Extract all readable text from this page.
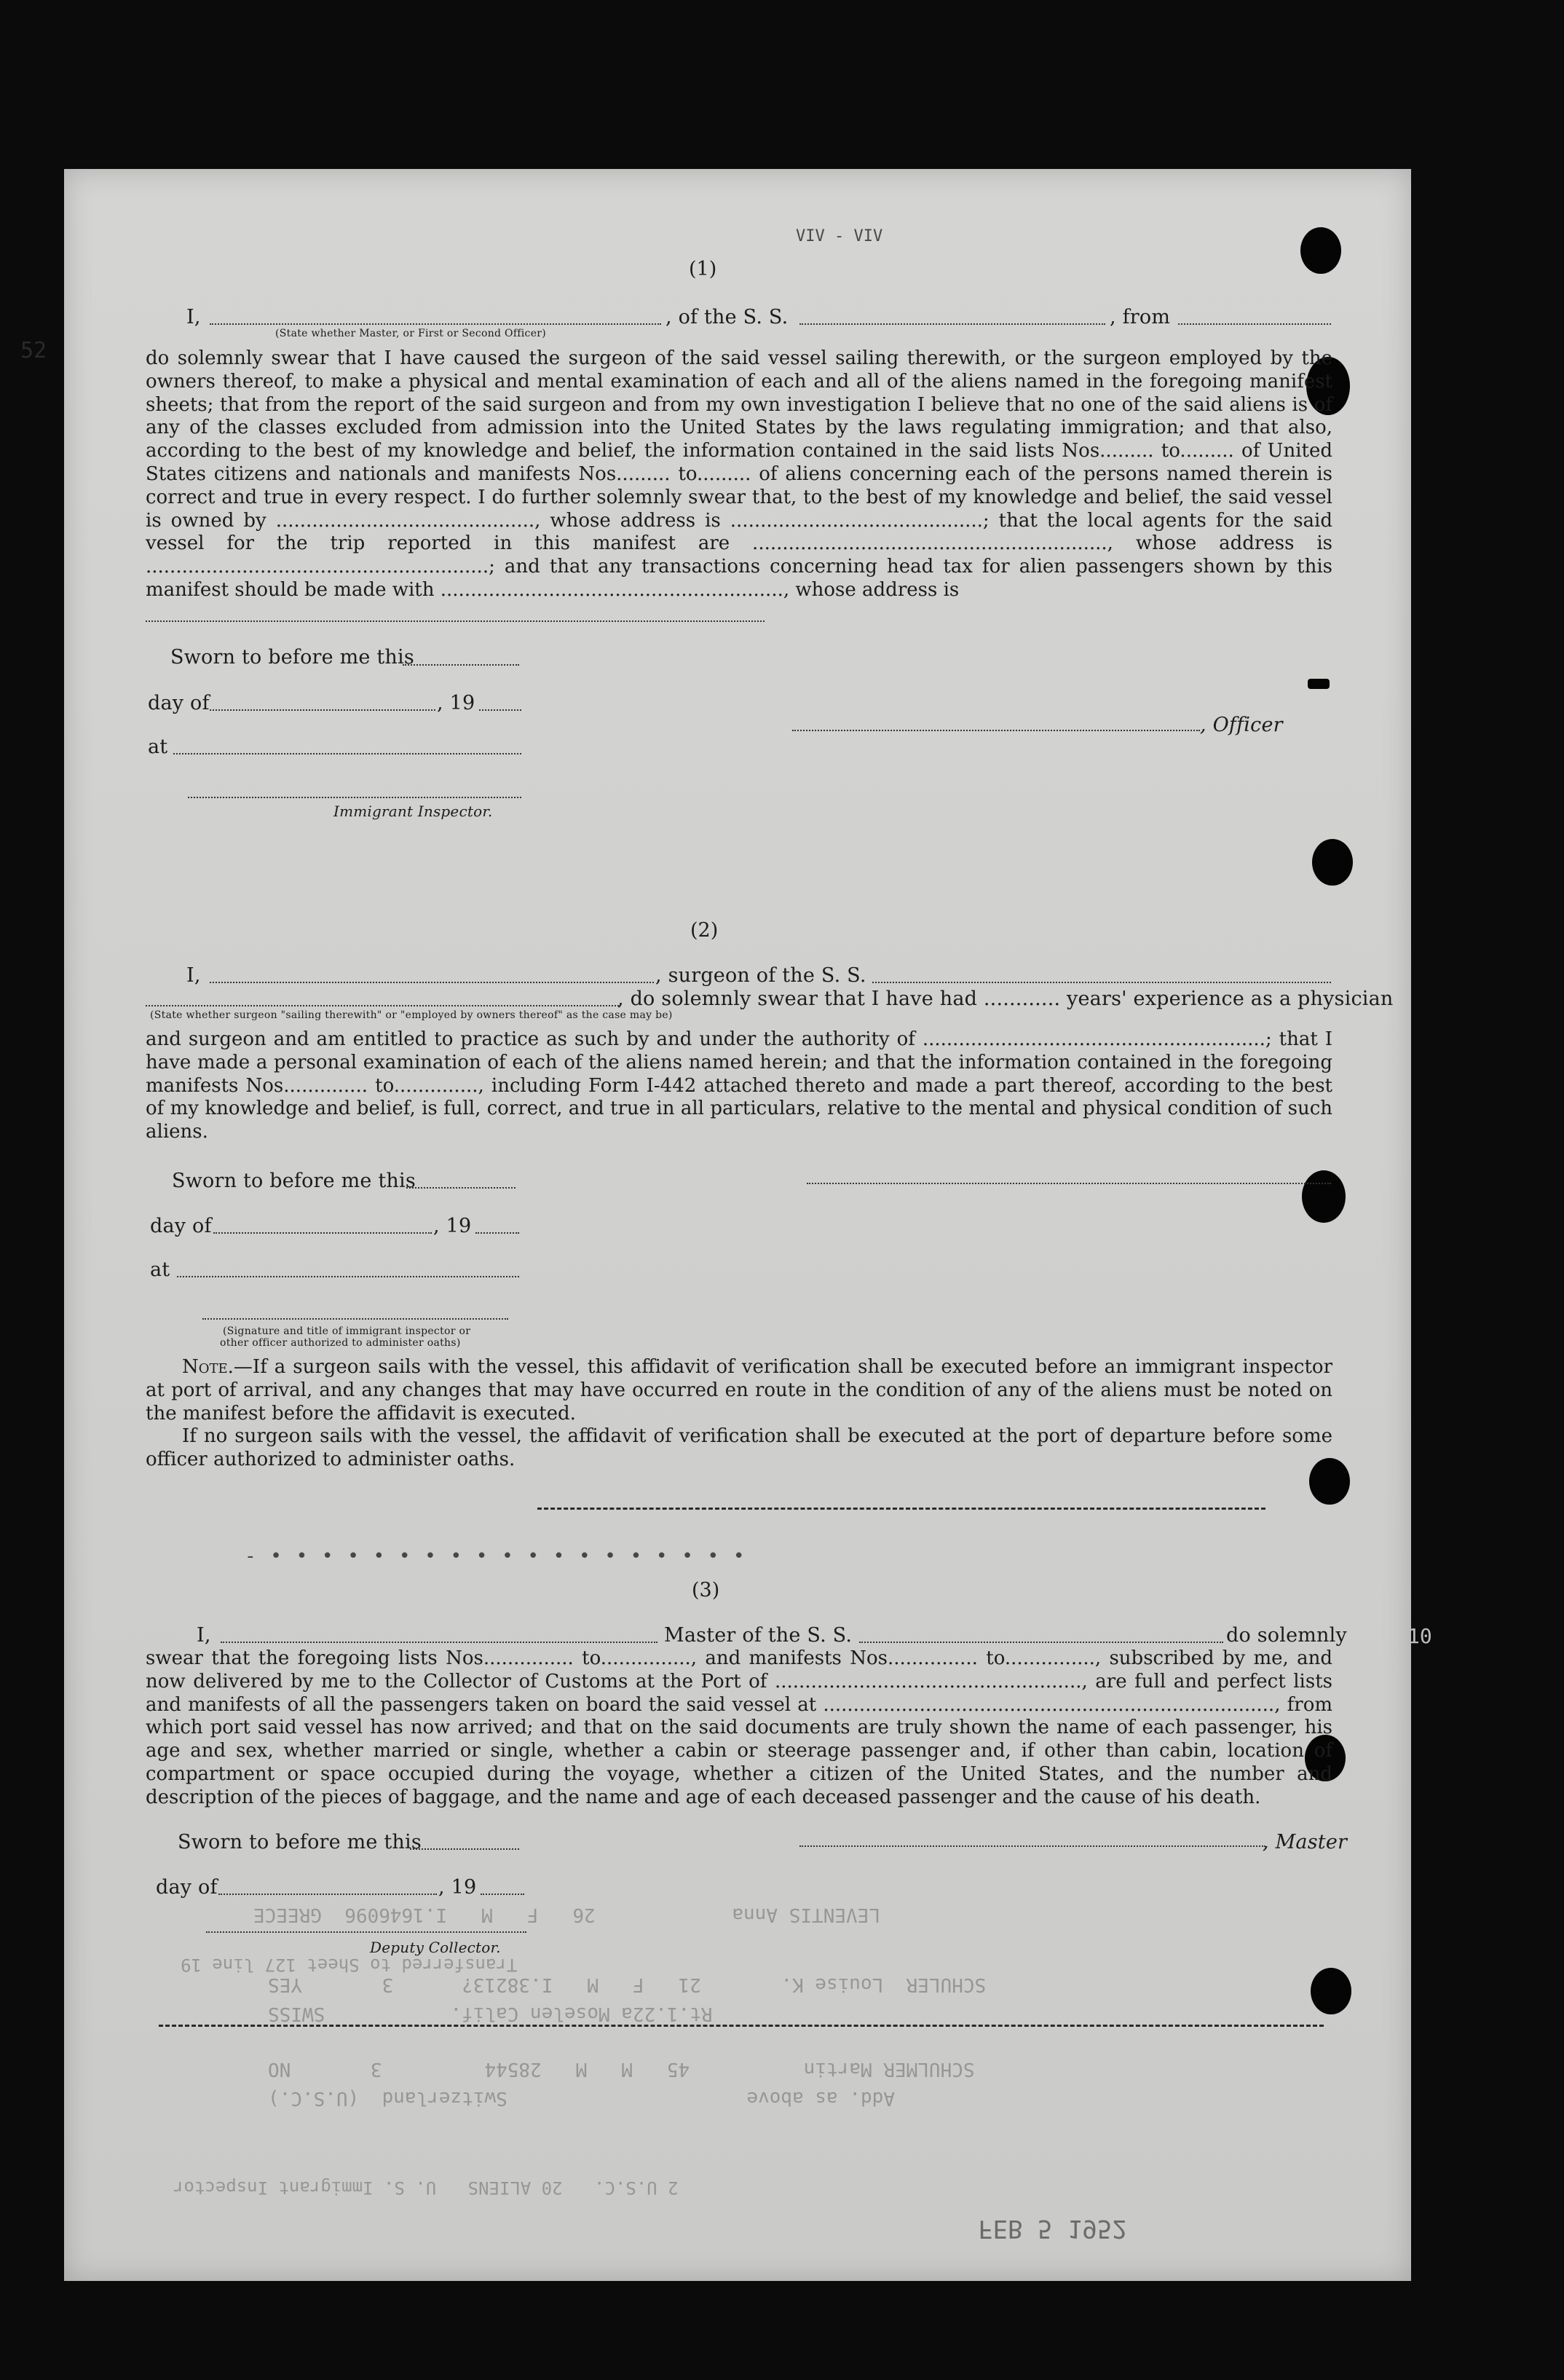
SCHULER  Louise K.       21   F   M   I.38213?      3       YES
Rt.1.22a Moselen Calif.           SWISS
SCHULMER Martin          45   M   M   28544         3       NO
Add. as above                     Switzerland  (U.S.C.)
2 U.S.C.   20 ALIENS   U. S. Immigrant Inspector
LEVENTIS Anna            26   F   M   I.1646096  GREECE
Transferred to Sheet 127 line 19
FEB 5 1952
VIV - VIV
52
10
(1)
I,	, of the S. S.	, from
(State whether Master, or First or Second Officer)

do solemnly swear that I have caused the surgeon of the said vessel sailing therewith, or the surgeon employed by the owners thereof, to make a physical and mental examination of each and all of the aliens named in the foregoing manifest sheets; that from the report of the said surgeon and from my own investigation I believe that no one of the said aliens is of any of the classes excluded from admission into the United States by the laws regulating immigration; and that also, according to the best of my knowledge and belief, the information contained in the said lists Nos......... to......... of United States citizens and nationals and manifests Nos......... to......... of aliens concerning each of the persons named therein is correct and true in every respect. I do further solemnly swear that, to the best of my knowledge and belief, the said vessel is owned by ..........................................., whose address is ..........................................; that the local agents for the said vessel for the trip reported in this manifest are ..........................................................., whose address is .........................................................; and that any transactions concerning head tax for alien passengers shown by this manifest should be made with ........................................................., whose address is

Sworn to before me this
day of	, 19
at
Immigrant Inspector.
, Officer
(2)
I,	, surgeon of the S. S.
, do solemnly swear that I have had ............ years' experience as a physician
(State whether surgeon "sailing therewith" or "employed by owners thereof" as the case may be)

and surgeon and am entitled to practice as such by and under the authority of .........................................................; that I have made a personal examination of each of the aliens named herein; and that the information contained in the foregoing manifests Nos.............. to.............., including Form I-442 attached thereto and made a part thereof, according to the best of my knowledge and belief, is full, correct, and true in all particulars, relative to the mental and physical condition of such aliens.

Sworn to before me this
day of	, 19
at
(Signature and title of immigrant inspector or
other officer authorized to administer oaths)

Note.—If a surgeon sails with the vessel, this affidavit of verification shall be executed before an immigrant inspector at port of arrival, and any changes that may have occurred en route in the condition of any of the aliens must be noted on the manifest before the affidavit is executed.

If no surgeon sails with the vessel, the affidavit of verification shall be executed at the port of departure before some officer authorized to administer oaths.

- • • • • • • • • • • • • • • • • • • •
(3)
I,	Master of the S. S.	do solemnly

swear that the foregoing lists Nos............... to..............., and manifests Nos............... to..............., subscribed by me, and now delivered by me to the Collector of Customs at the Port of ..................................................., are full and perfect lists and manifests of all the passengers taken on board the said vessel at ..........................................................................., from which port said vessel has now arrived; and that on the said documents are truly shown the name of each passenger, his age and sex, whether married or single, whether a cabin or steerage passenger and, if other than cabin, location of compartment or space occupied during the voyage, whether a citizen of the United States, and the number and description of the pieces of baggage, and the name and age of each deceased passenger and the cause of his death.

Sworn to before me this	, Master
day of	, 19
Deputy Collector.
